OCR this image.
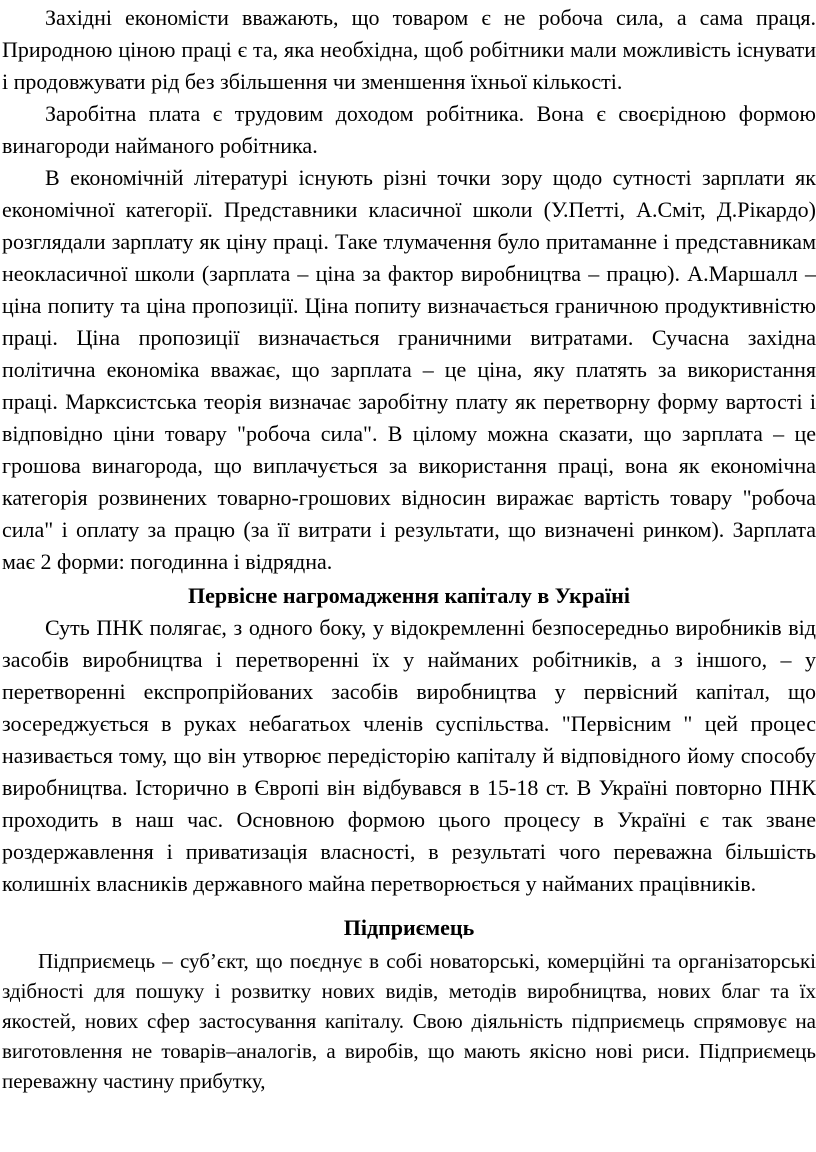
Західні економісти вважають, що товаром є не робоча сила, а сама праця. Природною ціною праці є та, яка необхідна, щоб робітники мали можливість існувати і продовжувати рід без збільшення чи зменшення їхньої кількості.

Заробітна плата є трудовим доходом робітника. Вона є своєрідною формою винагороди найманого робітника.

В економічній літературі існують різні точки зору щодо сутності зарплати як економічної категорії. Представники класичної школи (У.Петті, А.Сміт, Д.Рікардо) розглядали зарплату як ціну праці. Таке тлумачення було притаманне і представникам неокласичної школи (зарплата – ціна за фактор виробництва – працю). А.Маршалл – ціна попиту та ціна пропозиції. Ціна попиту визначається граничною продуктивністю праці. Ціна пропозиції визначається граничними витратами. Сучасна західна політична економіка вважає, що зарплата – це ціна, яку платять за використання праці. Марксистська теорія визначає заробітну плату як перетворну форму вартості і відповідно ціни товару "робоча сила". В цілому можна сказати, що зарплата – це грошова винагорода, що виплачується за використання праці, вона як економічна категорія розвинених товарно-грошових відносин виражає вартість товару "робоча сила" і оплату за працю (за її витрати і результати, що визначені ринком). Зарплата має 2 форми: погодинна і відрядна.

Первісне нагромадження капіталу в Україні

Суть ПНК полягає, з одного боку, у відокремленні безпосередньо виробників від засобів виробництва і перетворенні їх у найманих робітників, а з іншого, – у перетворенні експропрійованих засобів виробництва у первісний капітал, що зосереджується в руках небагатьох членів суспільства. "Первісним " цей процес називається тому, що він утворює передісторію капіталу й відповідного йому способу виробництва. Історично в Європі він відбувався в 15-18 ст. В Україні повторно ПНК проходить в наш час. Основною формою цього процесу в Україні є так зване роздержавлення і приватизація власності, в результаті чого переважна більшість колишніх власників державного майна перетворюється у найманих працівників.

Підприємець

Підприємець – суб’єкт, що поєднує в собі новаторські, комерційні та організаторські здібності для пошуку і розвитку нових видів, методів виробництва, нових благ та їх якостей, нових сфер застосування капіталу. Свою діяльність підприємець спрямовує на виготовлення не товарів–аналогів, а виробів, що мають якісно нові риси. Підприємець переважну частину прибутку,
